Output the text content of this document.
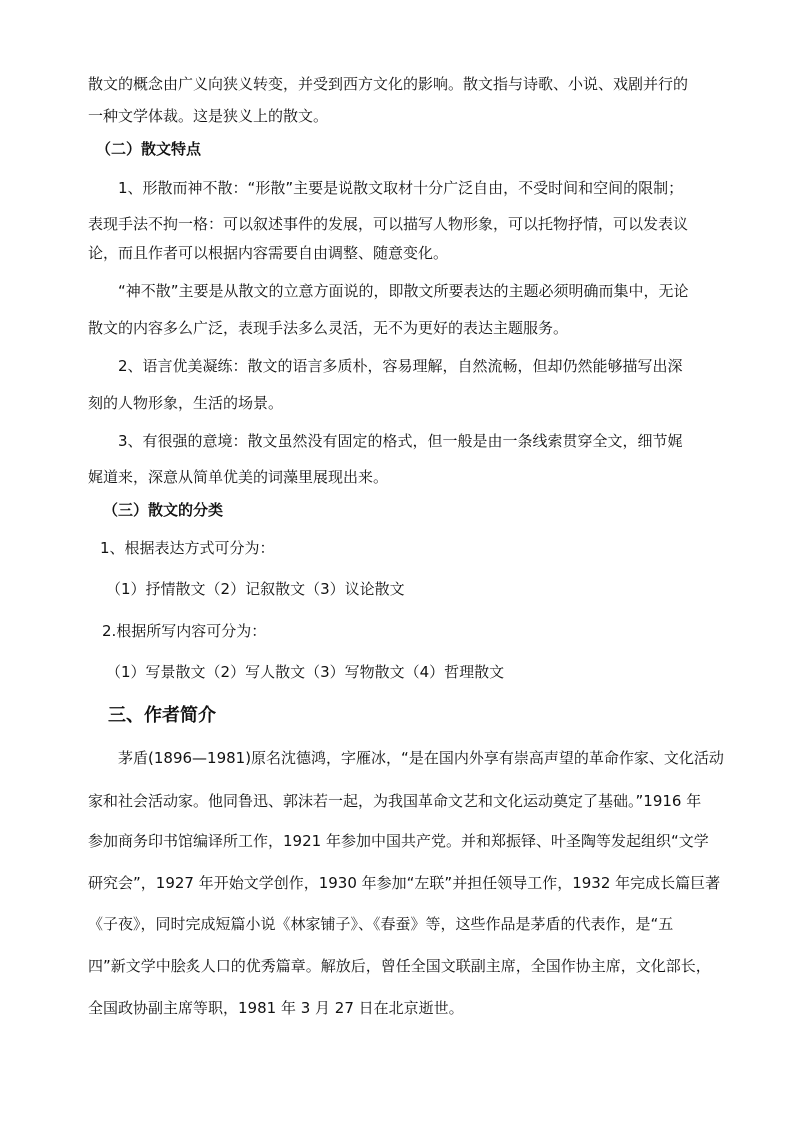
散文的概念由广义向狭义转变，并受到西方文化的影响。散文指与诗歌、小说、戏剧并行的
一种文学体裁。这是狭义上的散文。
（二）散文特点
1、形散而神不散：“形散”主要是说散文取材十分广泛自由，不受时间和空间的限制；
表现手法不拘一格：可以叙述事件的发展，可以描写人物形象，可以托物抒情，可以发表议
论，而且作者可以根据内容需要自由调整、随意变化。
“神不散”主要是从散文的立意方面说的，即散文所要表达的主题必须明确而集中，无论
散文的内容多么广泛，表现手法多么灵活，无不为更好的表达主题服务。
2、语言优美凝练：散文的语言多质朴，容易理解，自然流畅，但却仍然能够描写出深
刻的人物形象，生活的场景。
3、有很强的意境：散文虽然没有固定的格式，但一般是由一条线索贯穿全文，细节娓
娓道来，深意从简单优美的词藻里展现出来。
（三）散文的分类
1、根据表达方式可分为：
（1）抒情散文（2）记叙散文（3）议论散文
2.根据所写内容可分为：
（1）写景散文（2）写人散文（3）写物散文（4）哲理散文
三、作者简介
茅盾(1896—1981)原名沈德鸿，字雁冰，“是在国内外享有崇高声望的革命作家、文化活动
家和社会活动家。他同鲁迅、郭沫若一起，为我国革命文艺和文化运动奠定了基础。”1916 年
参加商务印书馆编译所工作，1921 年参加中国共产党。并和郑振铎、叶圣陶等发起组织“文学
研究会”，1927 年开始文学创作，1930 年参加“左联”并担任领导工作，1932 年完成长篇巨著
《子夜》，同时完成短篇小说《林家铺子》、《春蚕》等，这些作品是茅盾的代表作，是“五
四”新文学中脍炙人口的优秀篇章。解放后，曾任全国文联副主席，全国作协主席，文化部长，
全国政协副主席等职，1981 年 3 月 27 日在北京逝世。
